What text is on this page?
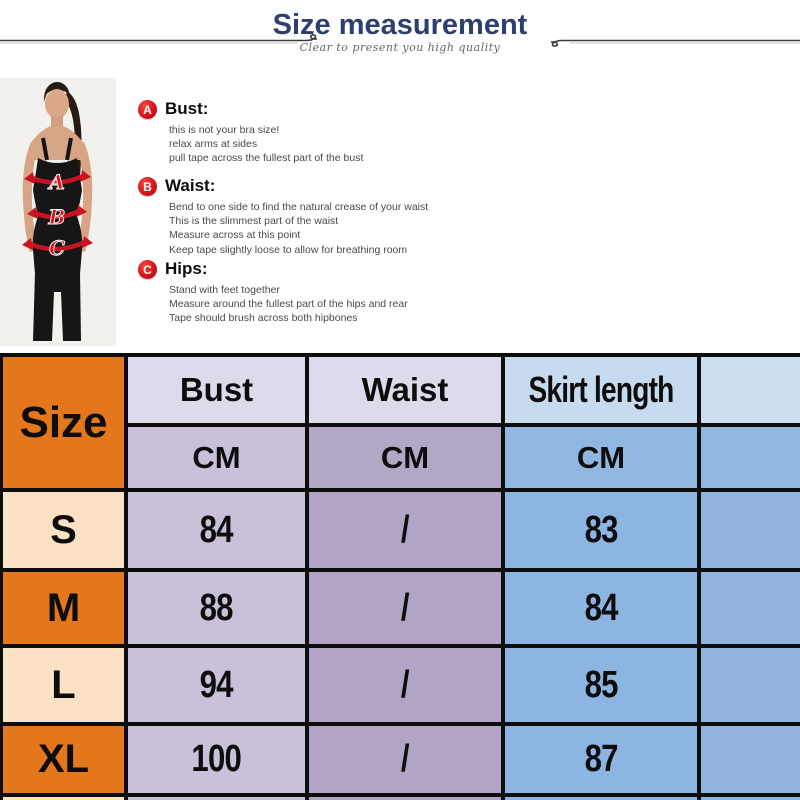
Size measurement
Clear to present you high quality
A
B
C
A Bust:
this is not your bra size!
relax arms at sides
pull tape across the fullest part of the bust
B Waist:
Bend to one side to find the natural crease of your waist
This is the slimmest part of the waist
Measure across at this point
Keep tape slightly loose to allow for breathing room
C Hips:
Stand with feet together
Measure around the fullest part of the hips and rear
Tape should brush across both hipbones
Size
Bust	Waist	Skirt length
CM	CM	CM
S	84	/	83
M	88	/	84
L	94	/	85
XL	100	/	87
